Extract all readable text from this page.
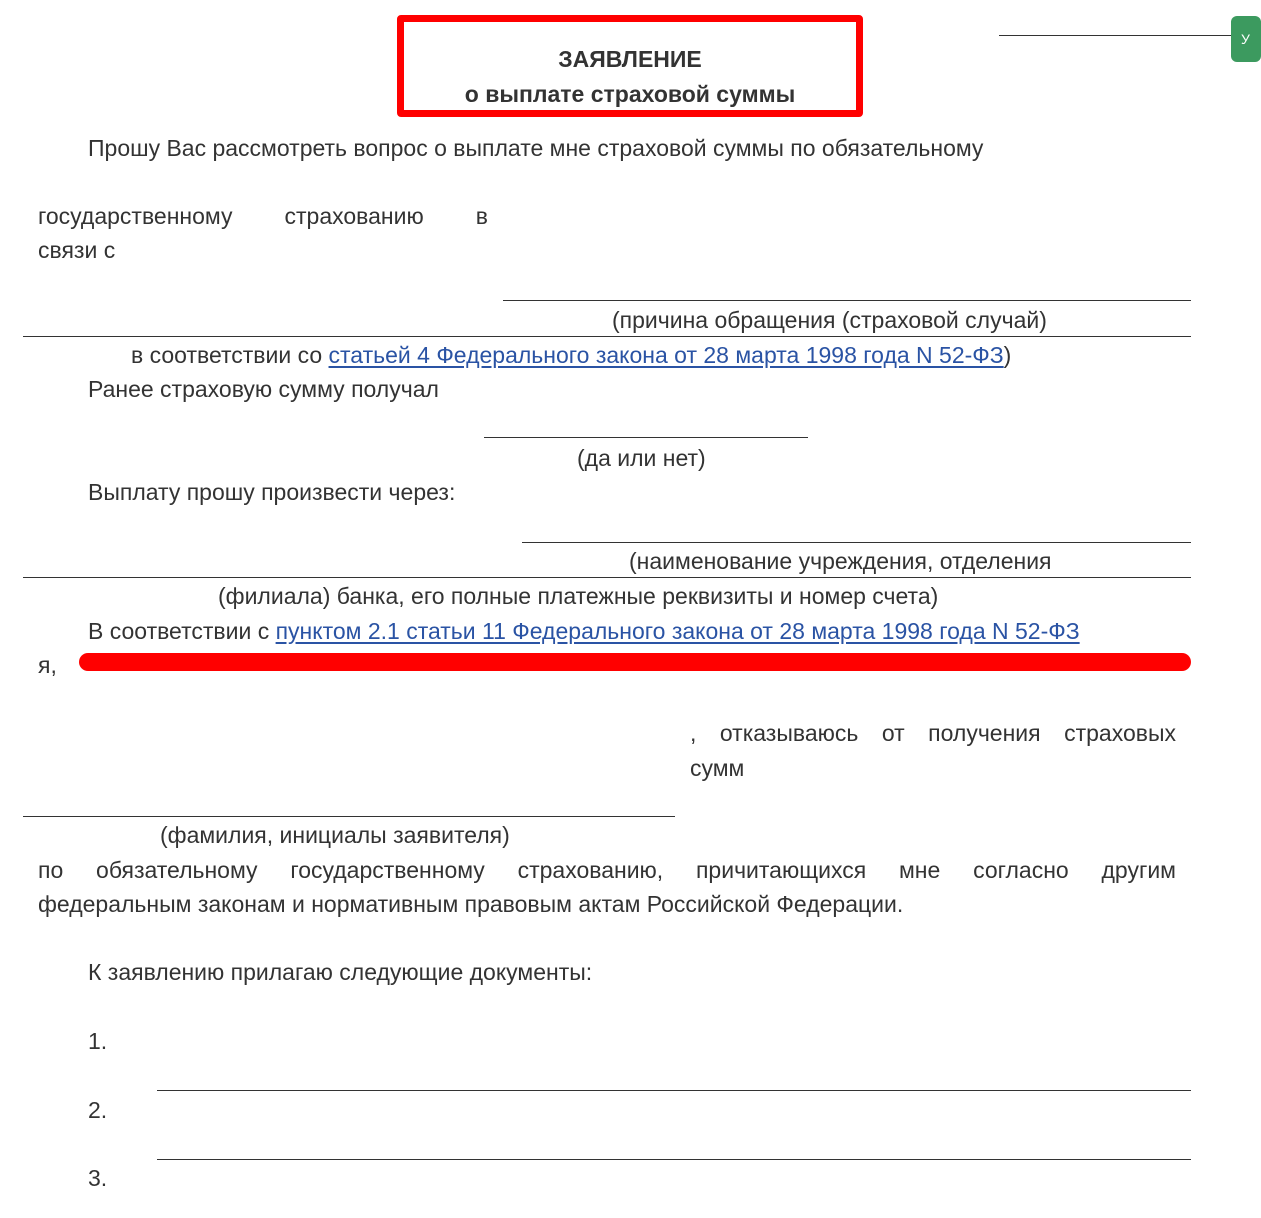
ЗАЯВЛЕНИЕ
о выплате страховой суммы
У
Прошу Вас рассмотреть вопрос о выплате мне страховой суммы по обязательному
государственному страхованию в
связи с
(причина обращения (страховой случай)
в соответствии со статьей 4 Федерального закона от 28 марта 1998 года N 52-ФЗ)
Ранее страховую сумму получал
(да или нет)
Выплату прошу произвести через:
(наименование учреждения, отделения
(филиала) банка, его полные платежные реквизиты и номер счета)
В соответствии с пунктом 2.1 статьи 11 Федерального закона от 28 марта 1998 года N 52-ФЗ
я,
, отказываюсь от получения страховых
сумм
(фамилия, инициалы заявителя)
по обязательному государственному страхованию, причитающихся мне согласно другим
федеральным законам и нормативным правовым актам Российской Федерации.
К заявлению прилагаю следующие документы:
1.
2.
3.
